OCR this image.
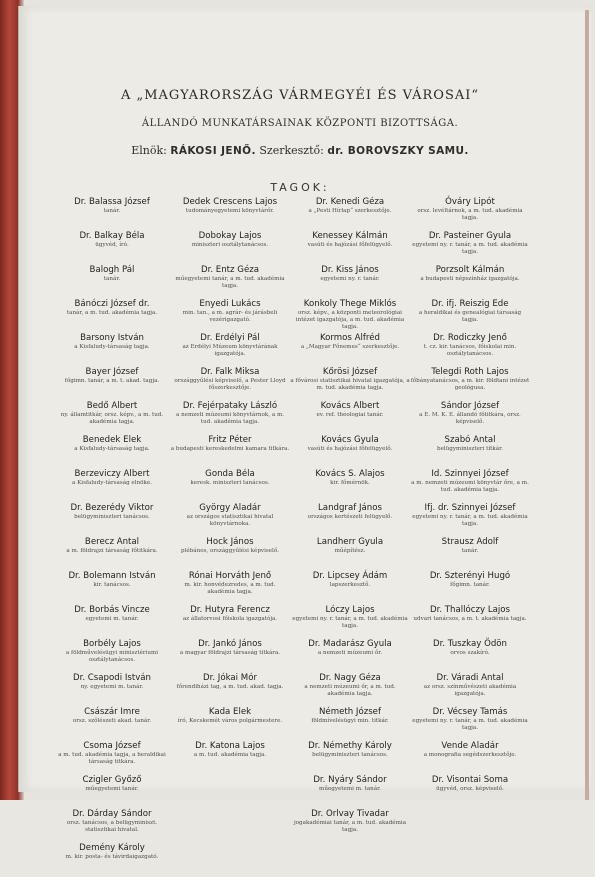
A „MAGYARORSZÁG VÁRMEGYÉI ÉS VÁROSAI“
ÁLLANDÓ MUNKATÁRSAINAK KÖZPONTI BIZOTTSÁGA.
Elnök: RÁKOSI JENŐ. Szerkesztő: dr. BOROVSZKY SAMU.
TAGOK:
Dr. Balassa József
tanár.
Dr. Balkay Béla
ügyvéd, író.
Balogh Pál
tanár.
Bánóczi József dr.
tanár, a m. tud. akadémia tagja.
Barsony István
a Kisfaludy-társaság tagja.
Bayer József
főgimn. tanár, a m. t. akad. tagja.
Bedő Albert
ny. államtitkár, orsz. képv., a m. tud. akadémia tagja.
Benedek Elek
a Kisfaludy-társaság tagja.
Berzeviczy Albert
a Kisfaludy-társaság elnöke.
Dr. Bezerédy Viktor
belügyminiszteri tanácsos.
Berecz Antal
a m. földrajzi társaság főtitkára.
Dr. Bolemann István
kir. tanácsos.
Dr. Borbás Vincze
egyetemi m. tanár.
Borbély Lajos
a földművelésügyi minisztériumi osztálytanácsos.
Dr. Csapodi István
ny. egyetemi m. tanár.
Császár Imre
orsz. szőlészeti akad. tanár.
Csoma József
a m. tud. akadémia tagja, a heraldikai társaság titkára.
Czigler Győző
műegyetemi tanár.
Dr. Dárday Sándor
orsz. tanácsos, a belügyminiszt. statisztikai hivatal.
Demény Károly
m. kir. posta- és távirdaigazgató.
Dedek Crescens Lajos
tudományegyetemi könyvtárőr.
Dobokay Lajos
miniszteri osztálytanácsos.
Dr. Entz Géza
műegyetemi tanár, a m. tud. akadémia tagja.
Enyedi Lukács
min. tan., a m. agrár- és járásbeli vezérigazgató.
Dr. Erdélyi Pál
az Erdélyi Múzeum könyvtárának igazgatója.
Dr. Falk Miksa
országgyűlési képviselő, a Pester Lloyd főszerkesztője.
Dr. Fejérpataky László
a nemzeti múzeumi könyvtárnok, a m. tud. akadémia tagja.
Fritz Péter
a budapesti kereskedelmi kamara titkára.
Gonda Béla
keresk. miniszteri tanácsos.
György Aladár
az országos statisztikai hivatal könyvtárnoka.
Hock János
plébános, országgyűlési képviselő.
Rónai Horváth Jenő
m. kir. honvédezredes, a m. tud. akadémia tagja.
Dr. Hutyra Ferencz
az állatorvosi főiskola igazgatója.
Dr. Jankó János
a magyar földrajzi társaság titkára.
Dr. Jókai Mór
főrendiházi tag, a m. tud. akad. tagja.
Kada Elek
író, Kecskemét város polgármestere.
Dr. Katona Lajos
a m. tud. akadémia tagja.
Dr. Kenedi Géza
a „Pesti Hírlap“ szerkesztője.
Kenessey Kálmán
vasúti és hajózási főfelügyelő.
Dr. Kiss János
egyetemi ny. r. tanár.
Konkoly Thege Miklós
orsz. képv., a központi meteorológiai intézet igazgatója, a m. tud. akadémia tagja.
Kormos Alfréd
a „Magyar Főnemes“ szerkesztője.
Kőrösi József
a fővárosi statisztikai hivatal igazgatója, a m. tud. akadémia tagja.
Kovács Albert
ev. ref. theologiai tanár.
Kovács Gyula
vasúti és hajózási főfelügyelő.
Kovács S. Alajos
kir. főmérnök.
Landgraf János
országos kertészeti felügyelő.
Landherr Gyula
műépítész.
Dr. Lipcsey Ádám
lapszerkesztő.
Lóczy Lajos
egyetemi ny. r. tanár, a m. tud. akadémia tagja.
Dr. Madarász Gyula
a nemzeti múzeumi őr.
Dr. Nagy Géza
a nemzeti múzeumi őr, a m. tud. akadémia tagja.
Németh József
földmívelésügyi min. titkár.
Dr. Némethy Károly
belügyminiszteri tanácsos.
Dr. Nyáry Sándor
műegyetemi m. tanár.
Dr. Orlvay Tivadar
jogakadémiai tanár, a m. tud. akadémia tagja.
Óváry Lipót
orsz. levéltárnok, a m. tud. akadémia tagja.
Dr. Pasteiner Gyula
egyetemi ny. r. tanár, a m. tud. akadémia tagja.
Porzsolt Kálmán
a budapesti népszínház igazgatója.
Dr. ifj. Reiszig Ede
a heraldikai és genealógiai társaság tagja.
Dr. Rodiczky Jenő
t. cz. kir. tanácsos, főiskolai min. osztálytanácsos.
Telegdi Roth Lajos
főbányatanácsos, a m. kir. földtani intézet geológusa.
Sándor József
a E. M. K. E. állandó főtitkára, orsz. képviselő.
Szabó Antal
belügyminiszteri titkár.
Id. Szinnyei József
a m. nemzeti múzeumi könyvtár őre, a m. tud. akadémia tagja.
Ifj. dr. Szinnyei József
egyetemi ny. r. tanár, a m. tud. akadémia tagja.
Strausz Adolf
tanár.
Dr. Szterényi Hugó
főgimn. tanár.
Dr. Thallóczy Lajos
udvari tanácsos, a m. t. akadémia tagja.
Dr. Tuszkay Ödön
orvos szakíró.
Dr. Váradi Antal
az orsz. színművészeti akadémia igazgatója.
Dr. Vécsey Tamás
egyetemi ny. r. tanár, a m. tud. akadémia tagja.
Vende Aladár
a monografia segédszerkesztője.
Dr. Visontai Soma
ügyvéd, orsz. képviselő.
